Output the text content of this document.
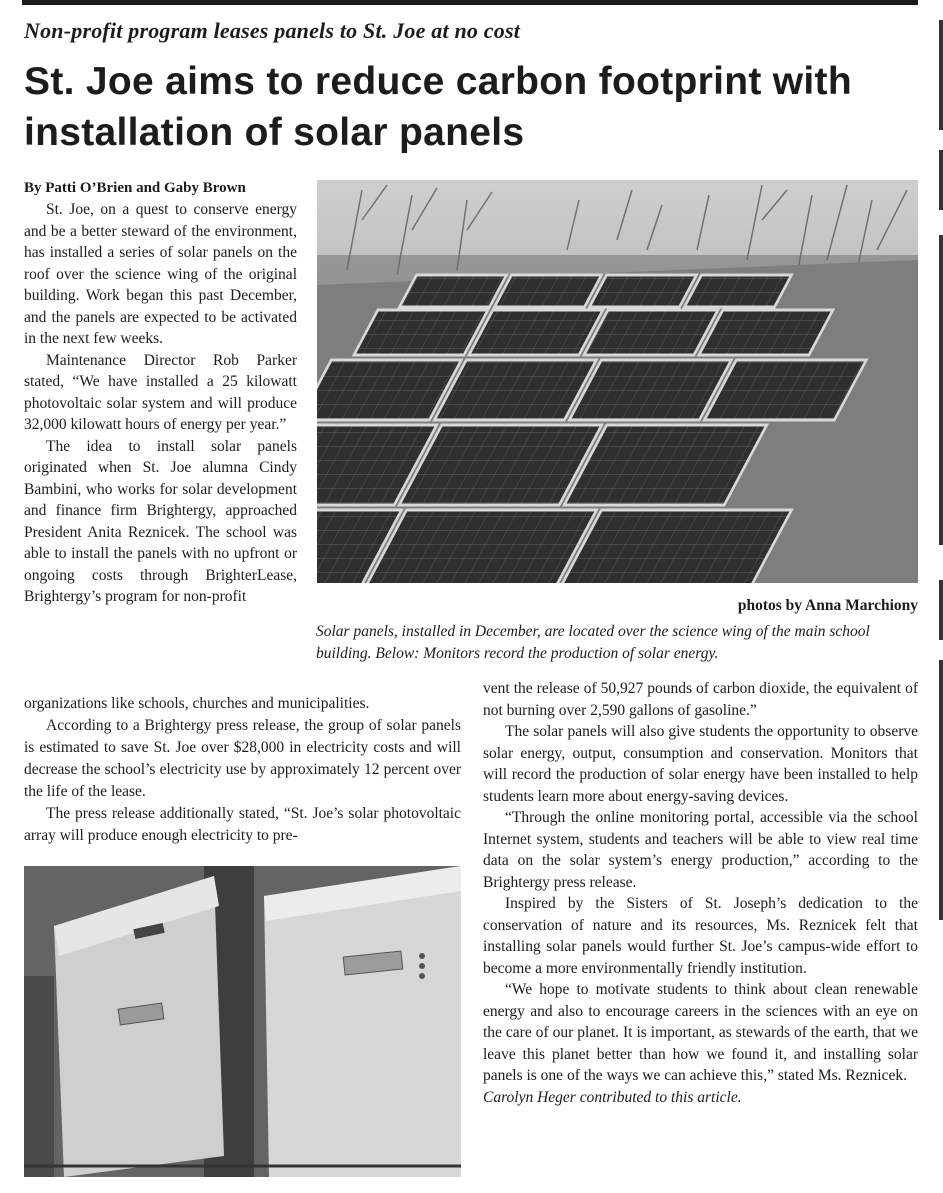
Non-profit program leases panels to St. Joe at no cost
St. Joe aims to reduce carbon footprint with installation of solar panels

By Patti O’Brien and Gaby Brown

St. Joe, on a quest to conserve energy and be a better steward of the environment, has installed a series of solar panels on the roof over the science wing of the original building. Work began this past December, and the panels are expected to be activated in the next few weeks.

Maintenance Director Rob Parker stated, “We have installed a 25 kilowatt photovoltaic solar system and will produce 32,000 kilowatt hours of energy per year.”

The idea to install solar panels originated when St. Joe alumna Cindy Bambini, who works for solar development and finance firm Brightergy, approached President Anita Reznicek. The school was able to install the panels with no upfront or ongoing costs through BrighterLease, Brightergy’s program for non-profit

photos by Anna Marchiony
Solar panels, installed in December, are located over the science wing of the main school building. Below: Monitors record the production of solar energy.

organizations like schools, churches and municipalities.

According to a Brightergy press release, the group of solar panels is estimated to save St. Joe over $28,000 in electricity costs and will decrease the school’s electricity use by approximately 12 percent over the life of the lease.

The press release additionally stated, “St. Joe’s solar photovoltaic array will produce enough electricity to pre-

vent the release of 50,927 pounds of carbon dioxide, the equivalent of not burning over 2,590 gallons of gasoline.”

The solar panels will also give students the opportunity to observe solar energy, output, consumption and conservation. Monitors that will record the production of solar energy have been installed to help students learn more about energy-saving devices.

“Through the online monitoring portal, accessible via the school Internet system, students and teachers will be able to view real time data on the solar system’s energy production,” according to the Brightergy press release.

Inspired by the Sisters of St. Joseph’s dedication to the conservation of nature and its resources, Ms. Reznicek felt that installing solar panels would further St. Joe’s campus-wide effort to become a more environmentally friendly institution.

“We hope to motivate students to think about clean renewable energy and also to encourage careers in the sciences with an eye on the care of our planet. It is important, as stewards of the earth, that we leave this planet better than how we found it, and installing solar panels is one of the ways we can achieve this,” stated Ms. Reznicek.

Carolyn Heger contributed to this article.
